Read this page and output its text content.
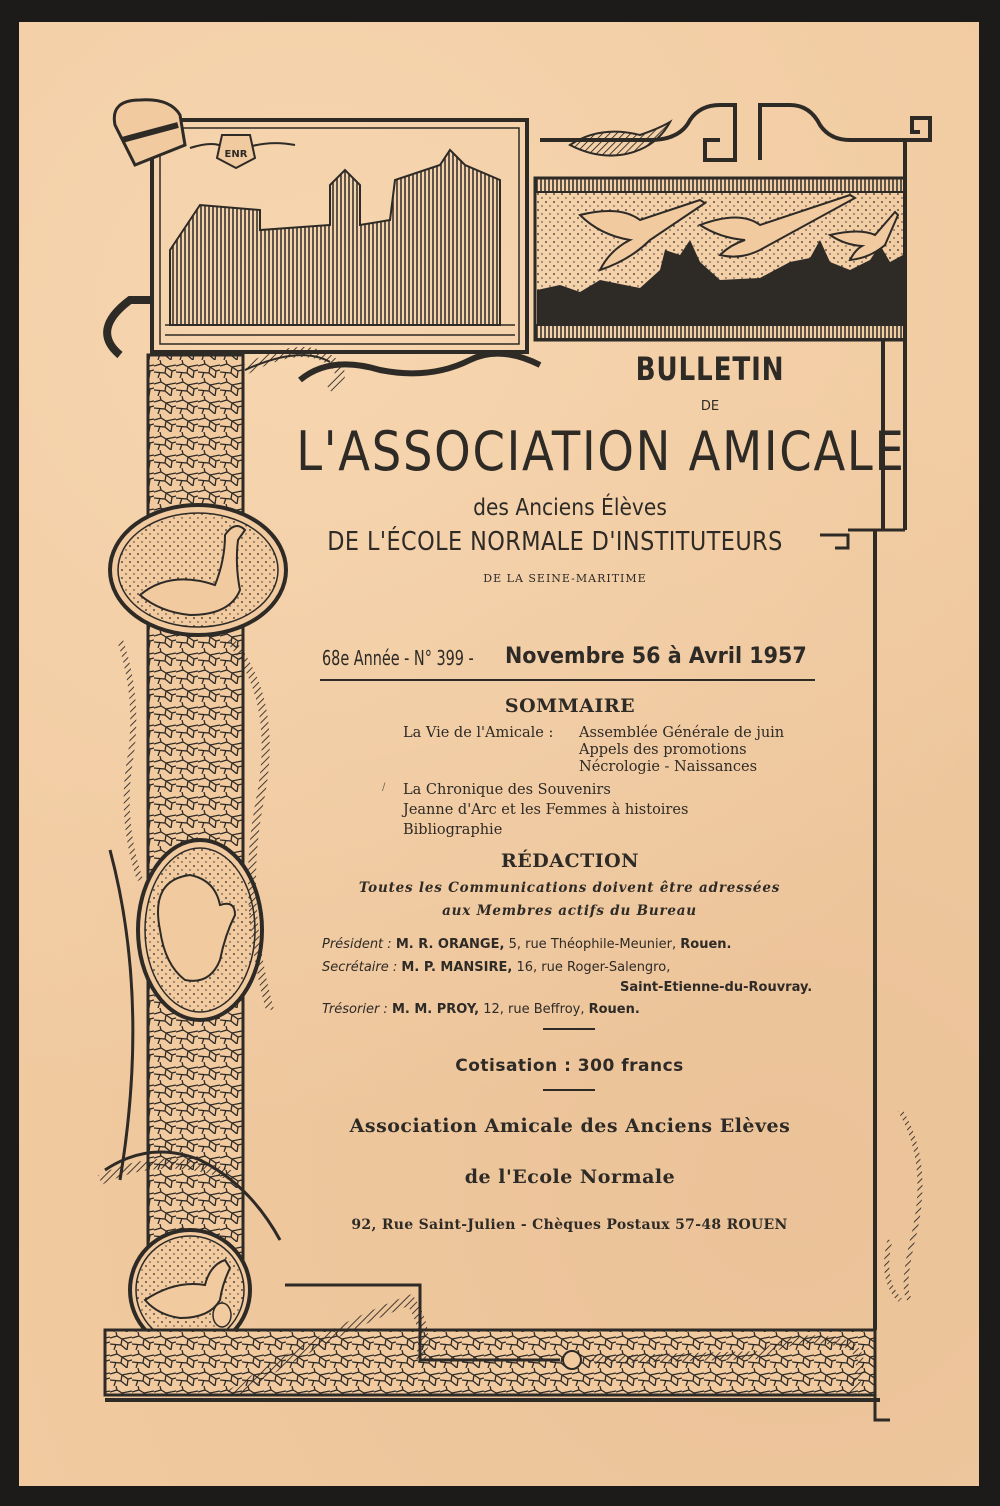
ENR
BULLETIN
DE
L'ASSOCIATION AMICALE
des Anciens Élèves
DE L'ÉCOLE NORMALE D'INSTITUTEURS
DE LA SEINE-MARITIME
68e Année - N° 399 - Novembre 56 à Avril 1957
SOMMAIRE
La Vie de l'Amicale : Assemblée Générale de juin
Appels des promotions
Nécrologie - Naissances
La Chronique des Souvenirs
Jeanne d'Arc et les Femmes à histoires
Bibliographie
/
RÉDACTION
Toutes les Communications doivent être adressées
aux Membres actifs du Bureau
Président : M. R. ORANGE, 5, rue Théophile-Meunier, Rouen.
Secrétaire : M. P. MANSIRE, 16, rue Roger-Salengro,
Saint-Etienne-du-Rouvray.
Trésorier : M. M. PROY, 12, rue Beffroy, Rouen.
Cotisation : 300 francs
Association Amicale des Anciens Elèves
de l'Ecole Normale
92, Rue Saint-Julien - Chèques Postaux 57-48 ROUEN
